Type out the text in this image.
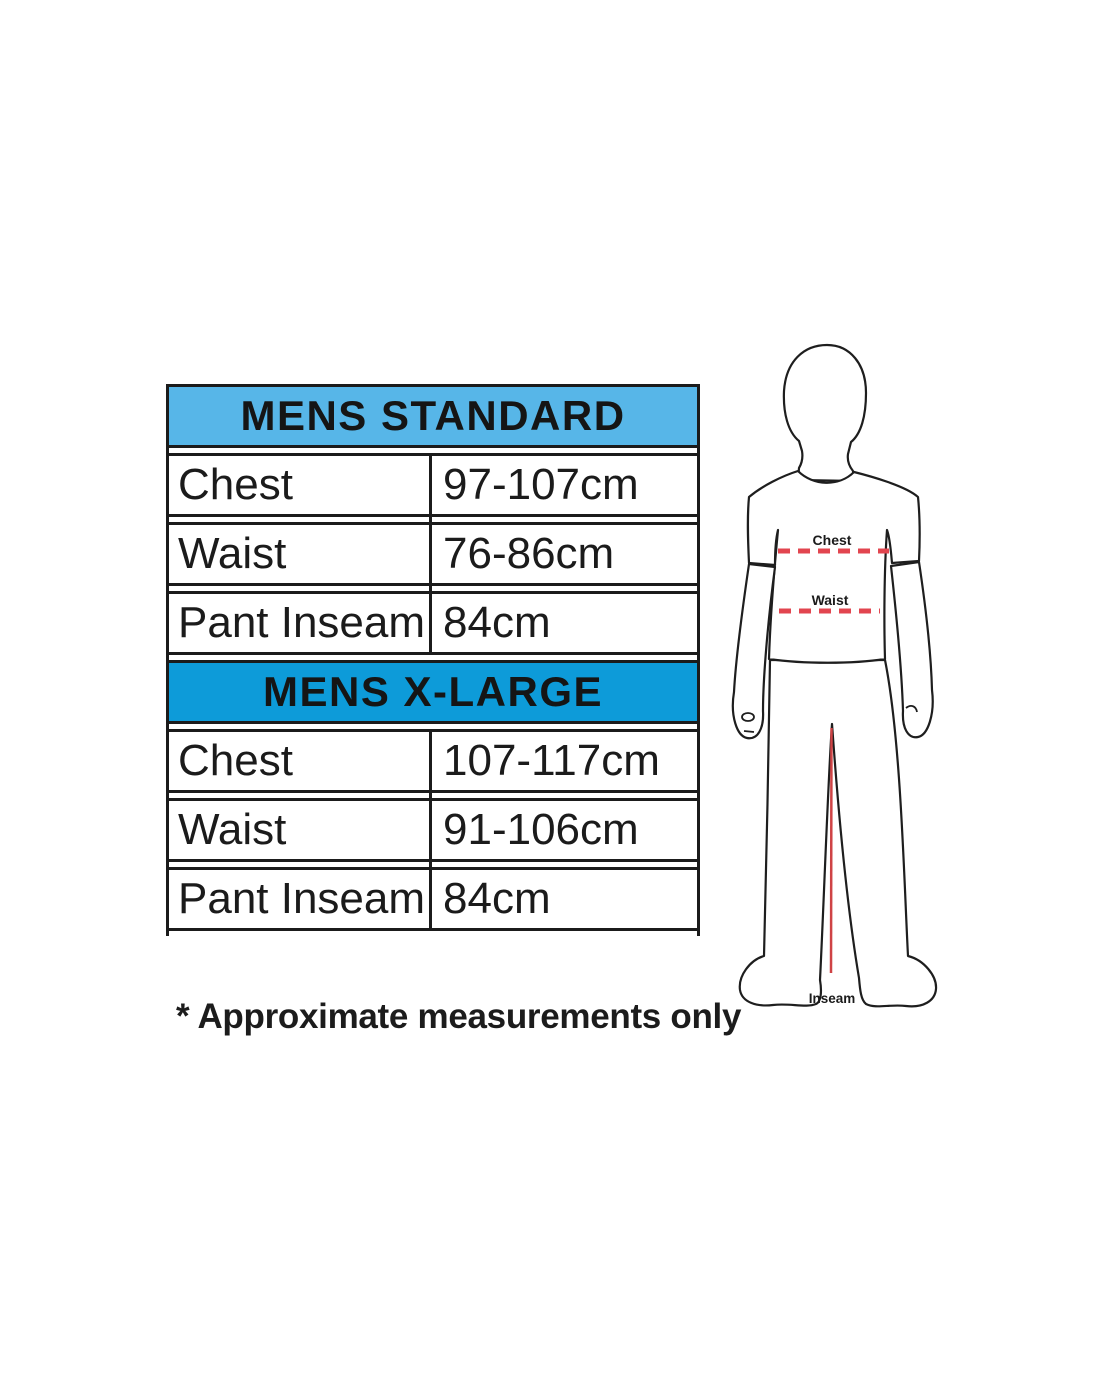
MENS STANDARD
Chest	97-107cm
Waist	76-86cm
Pant Inseam 84cm
MENS X-LARGE
Chest	107-117cm
Waist	91-106cm
Pant Inseam 84cm
* Approximate measurements only
Chest
Waist
Inseam
